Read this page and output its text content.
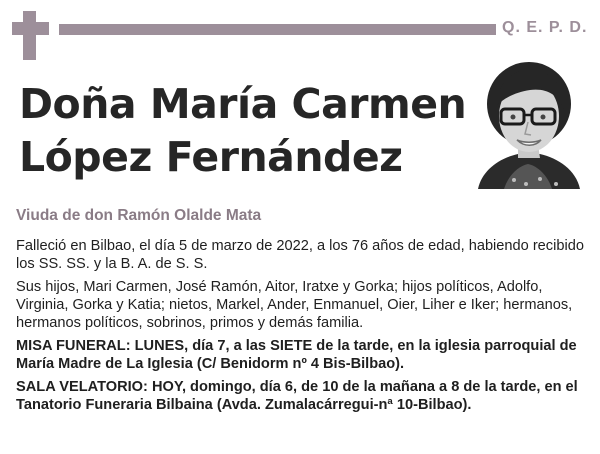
Q. E. P. D.
Doña María Carmen
López Fernández
Viuda de don Ramón Olalde Mata

Falleció en Bilbao, el día 5 de marzo de 2022, a los 76 años de edad, habiendo recibido los SS. SS. y la B. A. de S. S.

Sus hijos, Mari Carmen, José Ramón, Aitor, Iratxe y Gorka; hijos políticos, Adolfo, Virginia, Gorka y Katia; nietos, Markel, Ander, Enmanuel, Oier, Liher e Iker; hermanos, hermanos políticos, sobrinos, primos y demás familia.

MISA FUNERAL: LUNES, día 7, a las SIETE de la tarde, en la iglesia parroquial de María Madre de La Iglesia (C/ Benidorm nº 4 Bis-Bilbao).

SALA VELATORIO: HOY, domingo, día 6, de 10 de la mañana a 8 de la tarde, en el Tanatorio Funeraria Bilbaina (Avda. Zumalacárregui-nª 10-Bilbao).
